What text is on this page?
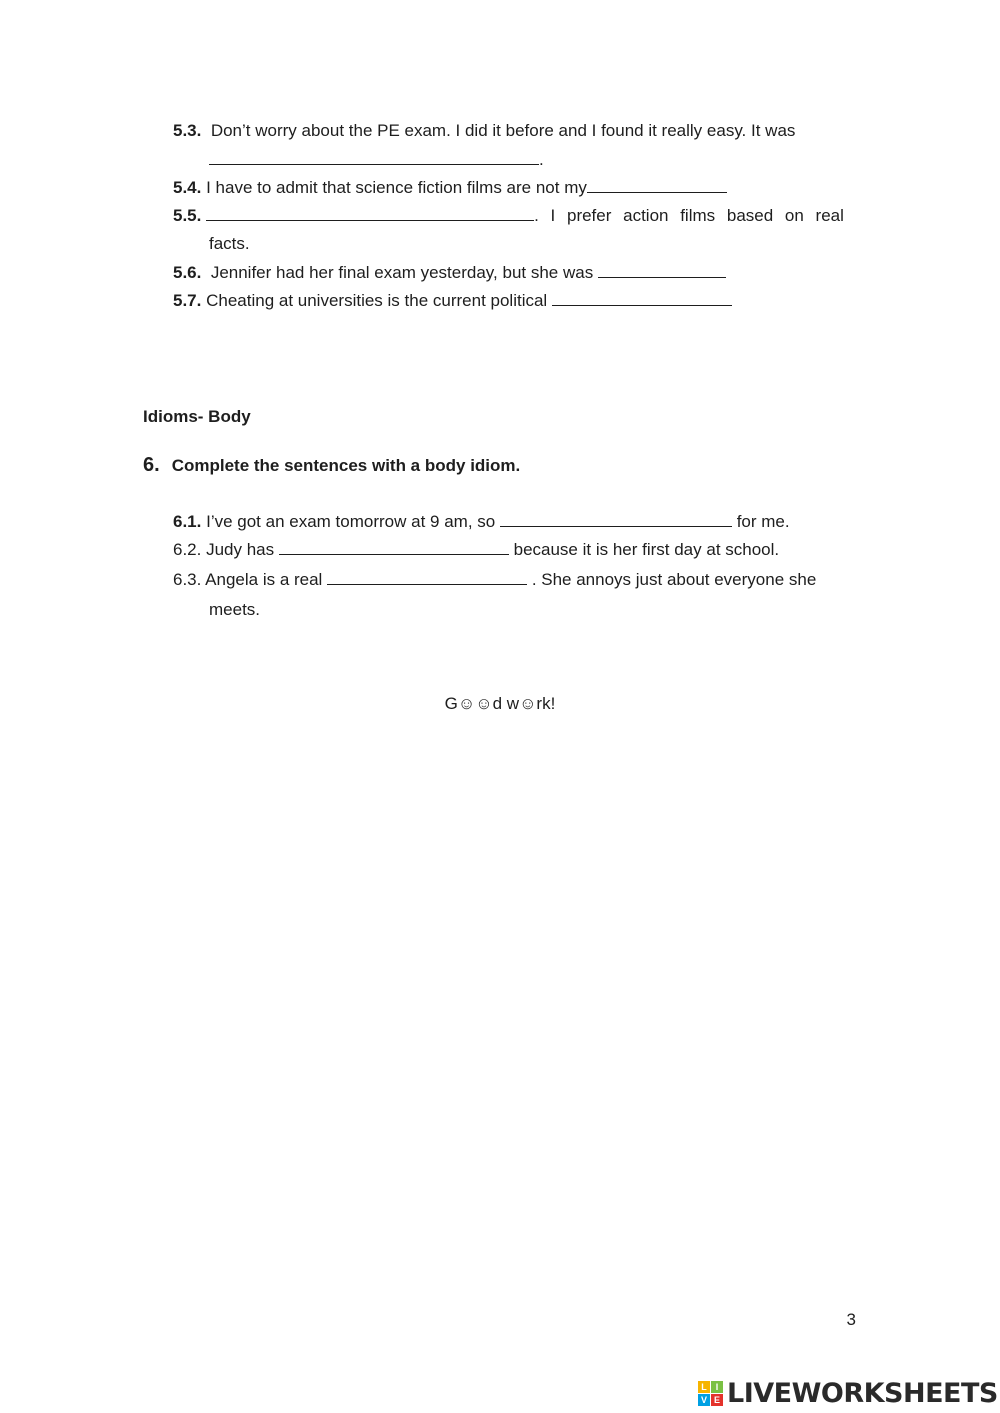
5.3. Don’t worry about the PE exam. I did it before and I found it really easy. It was
.
5.4. I have to admit that science fiction films are not my
5.5.	. I prefer action films based on real
facts.
5.6. Jennifer had her final exam yesterday, but she was
5.7. Cheating at universities is the current political
Idioms- Body
6. Complete the sentences with a body idiom.
6.1. I’ve got an exam tomorrow at 9 am, so	for me.
6.2. Judy has	because it is her first day at school.
6.3. Angela is a real	. She annoys just about everyone she
meets.
G☺☺d w☺rk!
3
L I
V E LIVEWORKSHEETS
